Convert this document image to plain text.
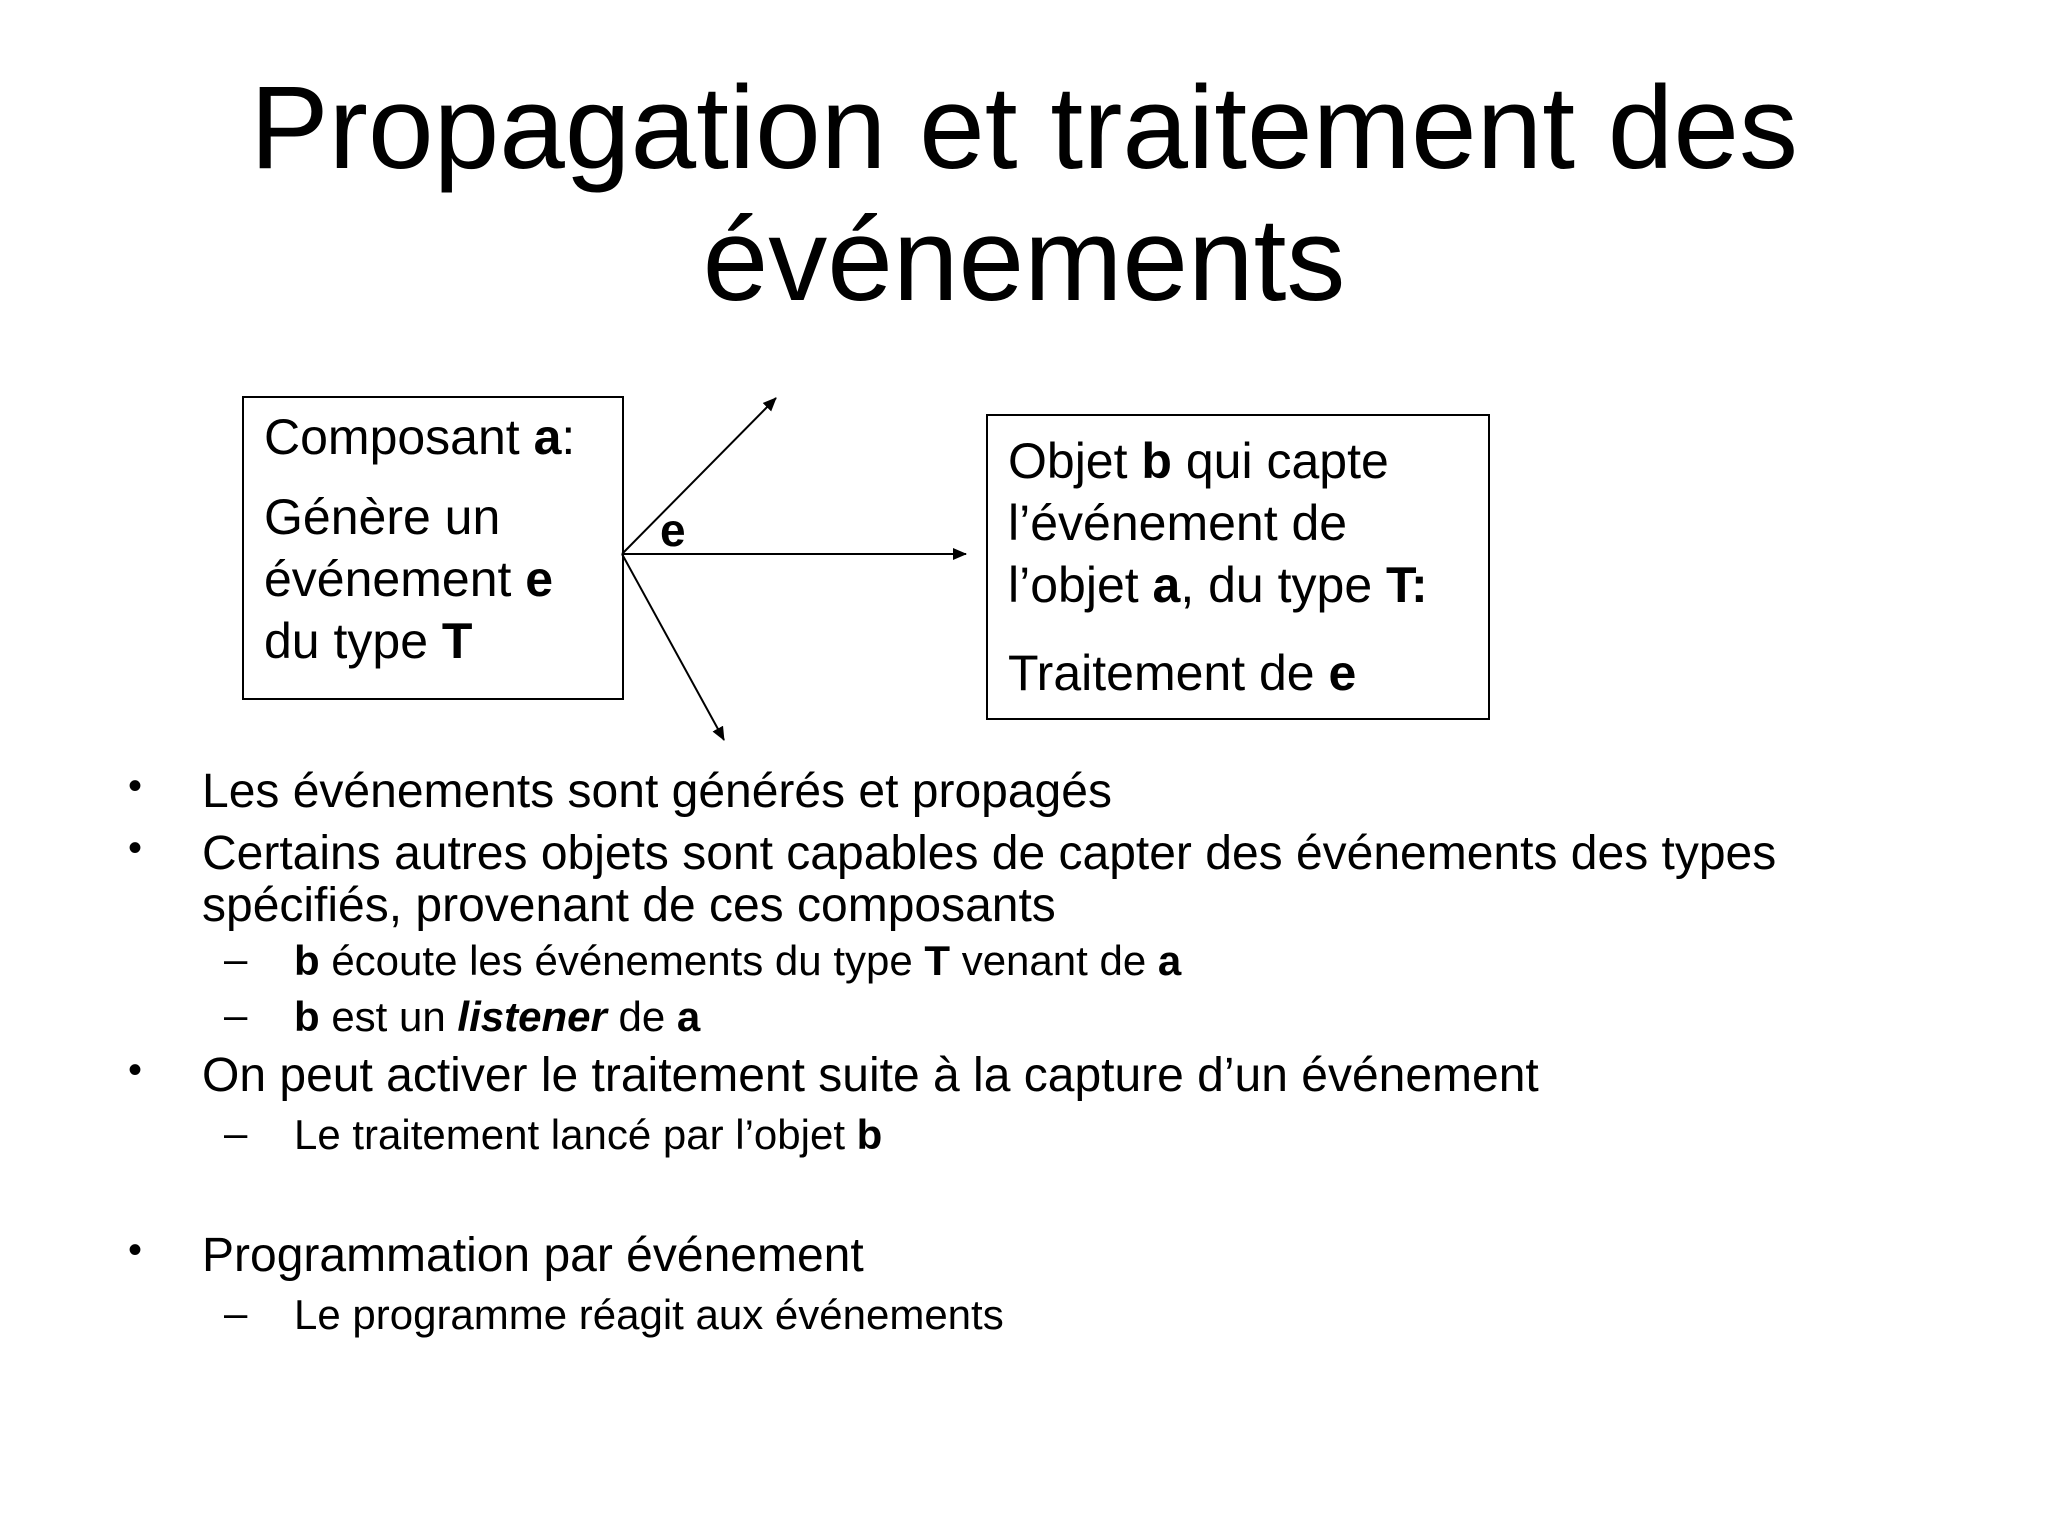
Propagation et traitement des événements

Composant a:

Génère un

événement e

du type T

e

Objet b qui capte

l’événement de

l’objet a, du type T:

Traitement de e

• Les événements sont générés et propagés
• Certains autres objets sont capables de capter des événements des types
spécifiés, provenant de ces composants
– b écoute les événements du type T venant de a
– b est un listener de a
• On peut activer le traitement suite à la capture d’un événement
– Le traitement lancé par l’objet b
• Programmation par événement
– Le programme réagit aux événements
